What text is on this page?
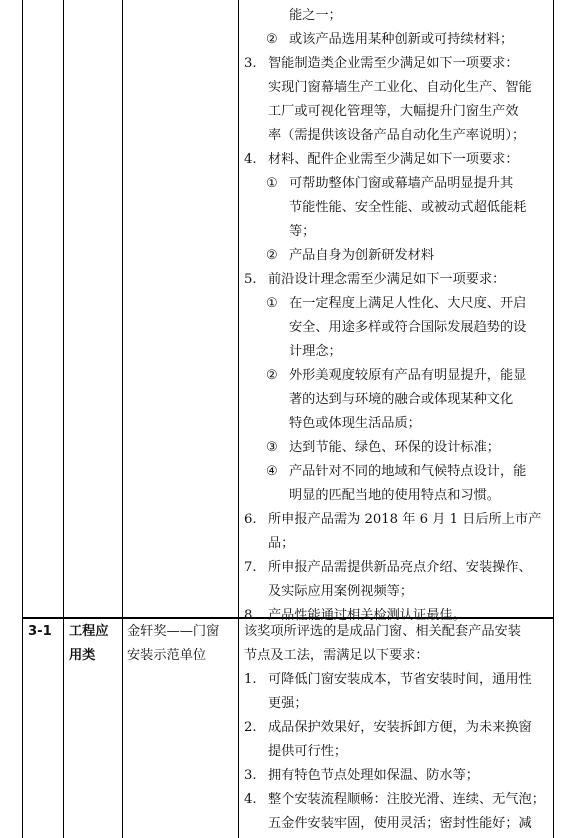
能之一；
② 或该产品选用某种创新或可持续材料；
3. 智能制造类企业需至少满足如下一项要求：
实现门窗幕墙生产工业化、自动化生产、智能
工厂或可视化管理等，大幅提升门窗生产效
率（需提供该设备产品自动化生产率说明）；
4. 材料、配件企业需至少满足如下一项要求：
① 可帮助整体门窗或幕墙产品明显提升其
节能性能、安全性能、或被动式超低能耗
等；
② 产品自身为创新研发材料
5. 前沿设计理念需至少满足如下一项要求：
① 在一定程度上满足人性化、大尺度、开启
安全、用途多样或符合国际发展趋势的设
计理念；
② 外形美观度较原有产品有明显提升，能显
著的达到与环境的融合或体现某种文化
特色或体现生活品质；
③ 达到节能、绿色、环保的设计标准；
④ 产品针对不同的地域和气候特点设计，能
明显的匹配当地的使用特点和习惯。
6. 所申报产品需为 2018 年 6 月 1 日后所上市产
品；
7. 所申报产品需提供新品亮点介绍、安装操作、
及实际应用案例视频等；
8. 产品性能通过相关检测认证最佳。
3-1 工程应
用类
金轩奖——门窗
安装示范单位
该奖项所评选的是成品门窗、相关配套产品安装
节点及工法，需满足以下要求：
1. 可降低门窗安装成本，节省安装时间，通用性
更强；
2. 成品保护效果好，安装拆卸方便，为未来换窗
提供可行性；
3. 拥有特色节点处理如保温、防水等；
4. 整个安装流程顺畅：注胶光滑、连续、无气泡；
五金件安装牢固，使用灵活；密封性能好；减
